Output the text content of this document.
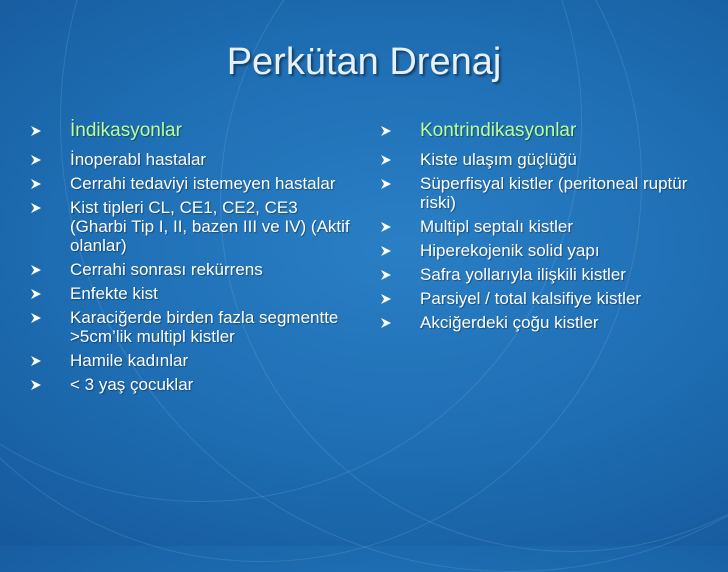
Perkütan Drenaj
İndikasyonlar
İnoperabl hastalar
Cerrahi tedaviyi istemeyen hastalar
Kist tipleri CL, CE1, CE2, CE3 (Gharbi Tip I, II, bazen III ve IV) (Aktif olanlar)
Cerrahi sonrası rekürrens
Enfekte kist
Karaciğerde birden fazla segmentte >5cm’lik multipl kistler
Hamile kadınlar
< 3 yaş çocuklar
Kontrindikasyonlar
Kiste ulaşım güçlüğü
Süperfisyal kistler (peritoneal ruptür riski)
Multipl septalı kistler
Hiperekojenik solid yapı
Safra yollarıyla ilişkili kistler
Parsiyel / total kalsifiye kistler
Akciğerdeki çoğu kistler
